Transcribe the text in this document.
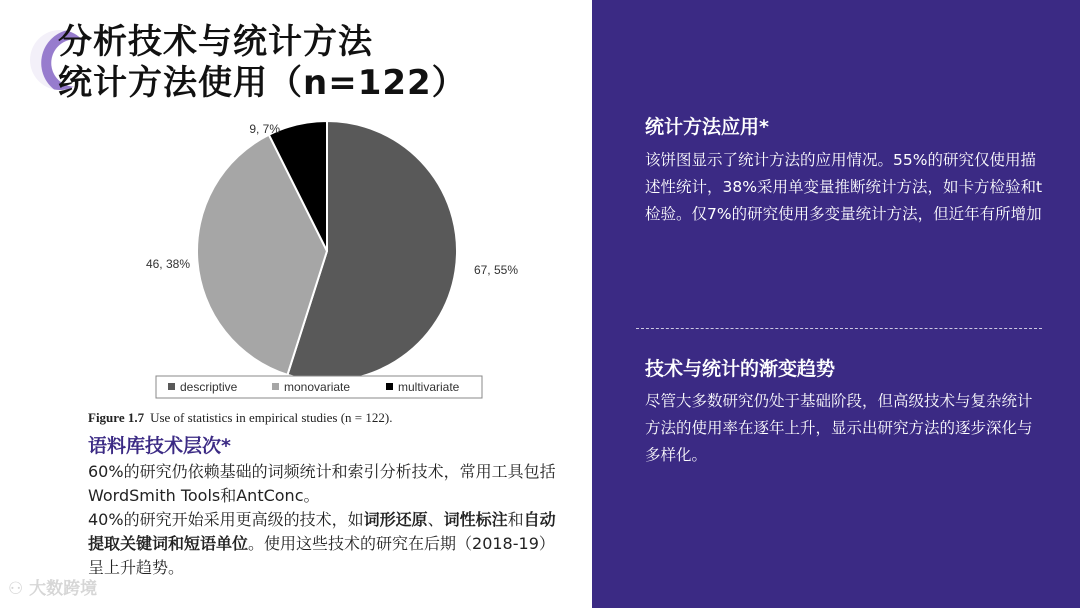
分析技术与统计方法
统计方法使用（n=122）
67, 55%
46, 38%
9, 7%
descriptive	monovariate	multivariate
Figure 1.7 Use of statistics in empirical studies (n = 122).
语料库技术层次*

60%的研究仍依赖基础的词频统计和索引分析技术，常用工具包括WordSmith Tools和AntConc。

40%的研究开始采用更高级的技术，如词形还原、词性标注和自动提取关键词和短语单位。使用这些技术的研究在后期（2018-19）呈上升趋势。

⚇ 大数跨境
统计方法应用*
该饼图显示了统计方法的应用情况。55%的研究仅使用描述性统计，38%采用单变量推断统计方法，如卡方检验和t检验。仅7%的研究使用多变量统计方法，但近年有所增加
技术与统计的渐变趋势
尽管大多数研究仍处于基础阶段，但高级技术与复杂统计方法的使用率在逐年上升，显示出研究方法的逐步深化与多样化。
